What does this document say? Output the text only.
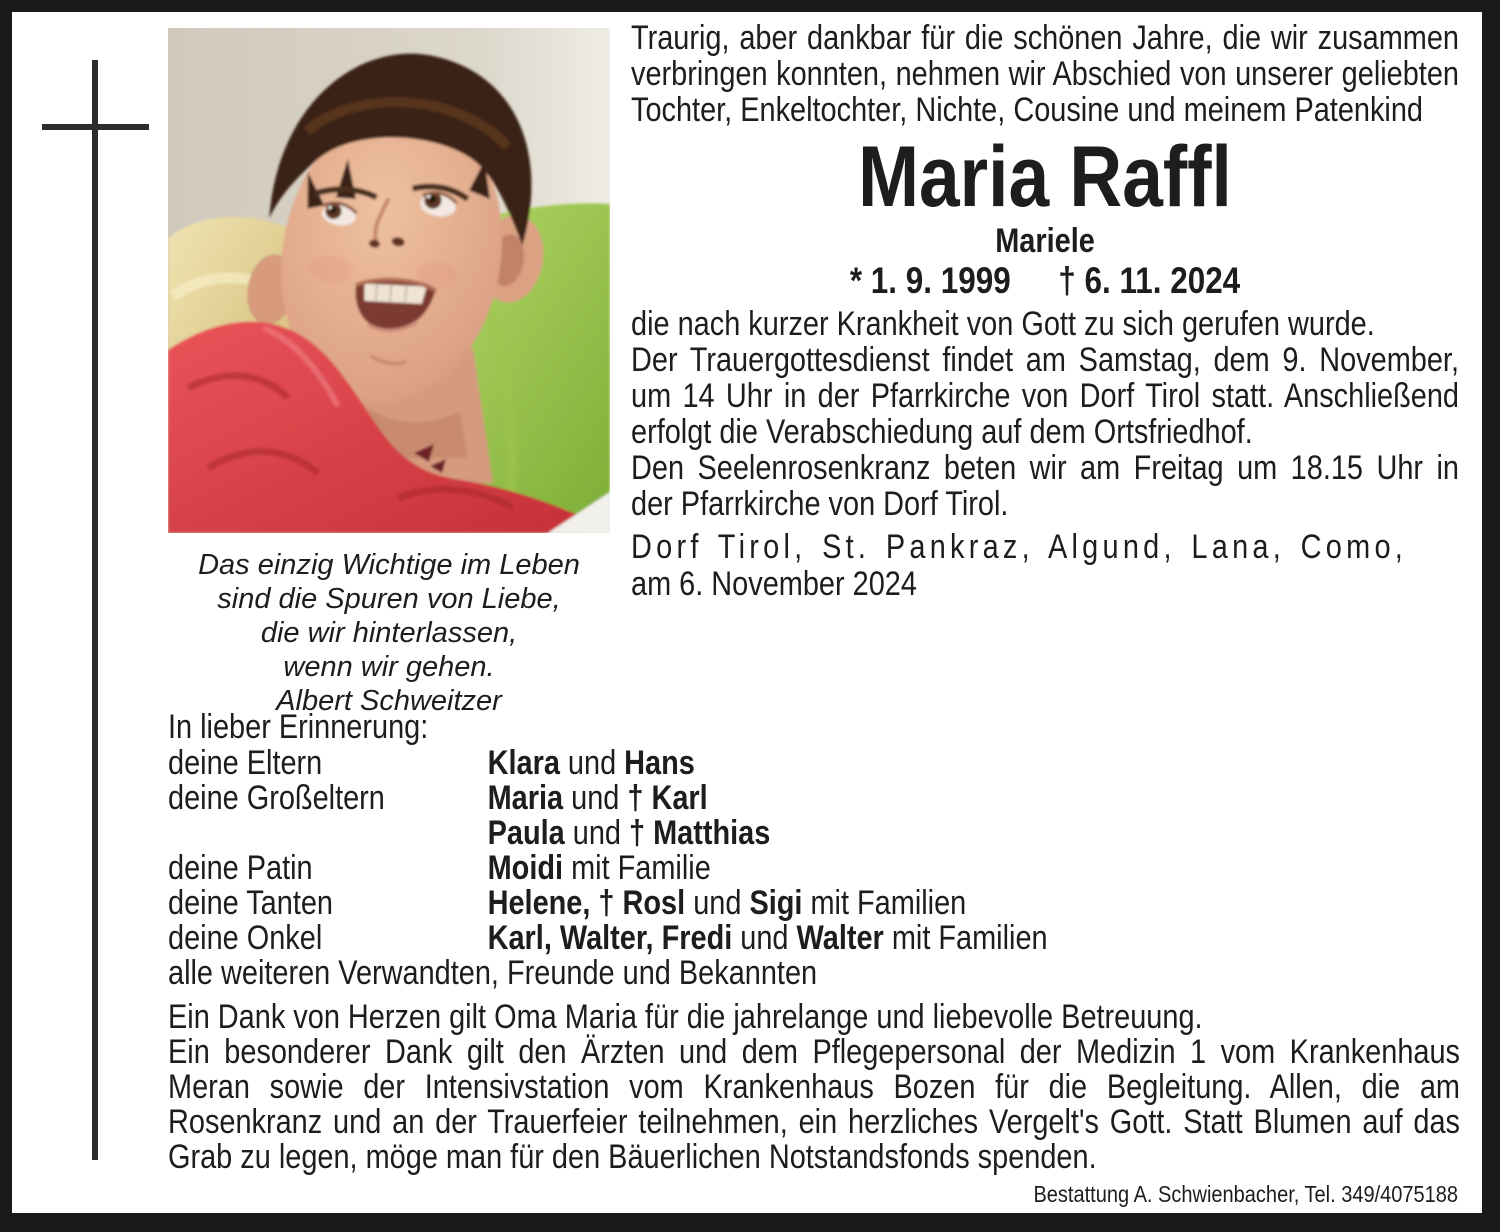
Das einzig Wichtige im Leben
sind die Spuren von Liebe,
die wir hinterlassen,
wenn wir gehen.
Albert Schweitzer

Traurig, aber dankbar für die schönen Jahre, die wir zusammen verbringen konnten, nehmen wir Abschied von unserer geliebten Tochter, Enkeltochter, Nichte, Cousine und meinem Patenkind

Maria Raffl
Mariele
* 1. 9. 1999 † 6. 11. 2024

die nach kurzer Krankheit von Gott zu sich gerufen wurde.

Der Trauergottesdienst findet am Samstag, dem 9. November, um 14 Uhr in der Pfarrkirche von Dorf Tirol statt. Anschließend erfolgt die Verabschiedung auf dem Ortsfriedhof.

Den Seelenrosenkranz beten wir am Freitag um 18.15 Uhr in der Pfarrkirche von Dorf Tirol.

Dorf Tirol, St. Pankraz, Algund, Lana, Como,
am 6. November 2024
In lieber Erinnerung:
deine Eltern	Klara und Hans
deine Großeltern	Maria und † Karl
Paula und † Matthias
deine Patin	Moidi mit Familie
deine Tanten	Helene, † Rosl und Sigi mit Familien
deine Onkel	Karl, Walter, Fredi und Walter mit Familien
alle weiteren Verwandten, Freunde und Bekannten

Ein Dank von Herzen gilt Oma Maria für die jahrelange und liebevolle Betreuung.

Ein besonderer Dank gilt den Ärzten und dem Pflegepersonal der Medizin 1 vom Krankenhaus Meran sowie der Intensivstation vom Krankenhaus Bozen für die Begleitung. Allen, die am Rosenkranz und an der Trauerfeier teilnehmen, ein herzliches Vergelt's Gott. Statt Blumen auf das Grab zu legen, möge man für den Bäuerlichen Notstandsfonds spenden.

Bestattung A. Schwienbacher, Tel. 349/4075188
